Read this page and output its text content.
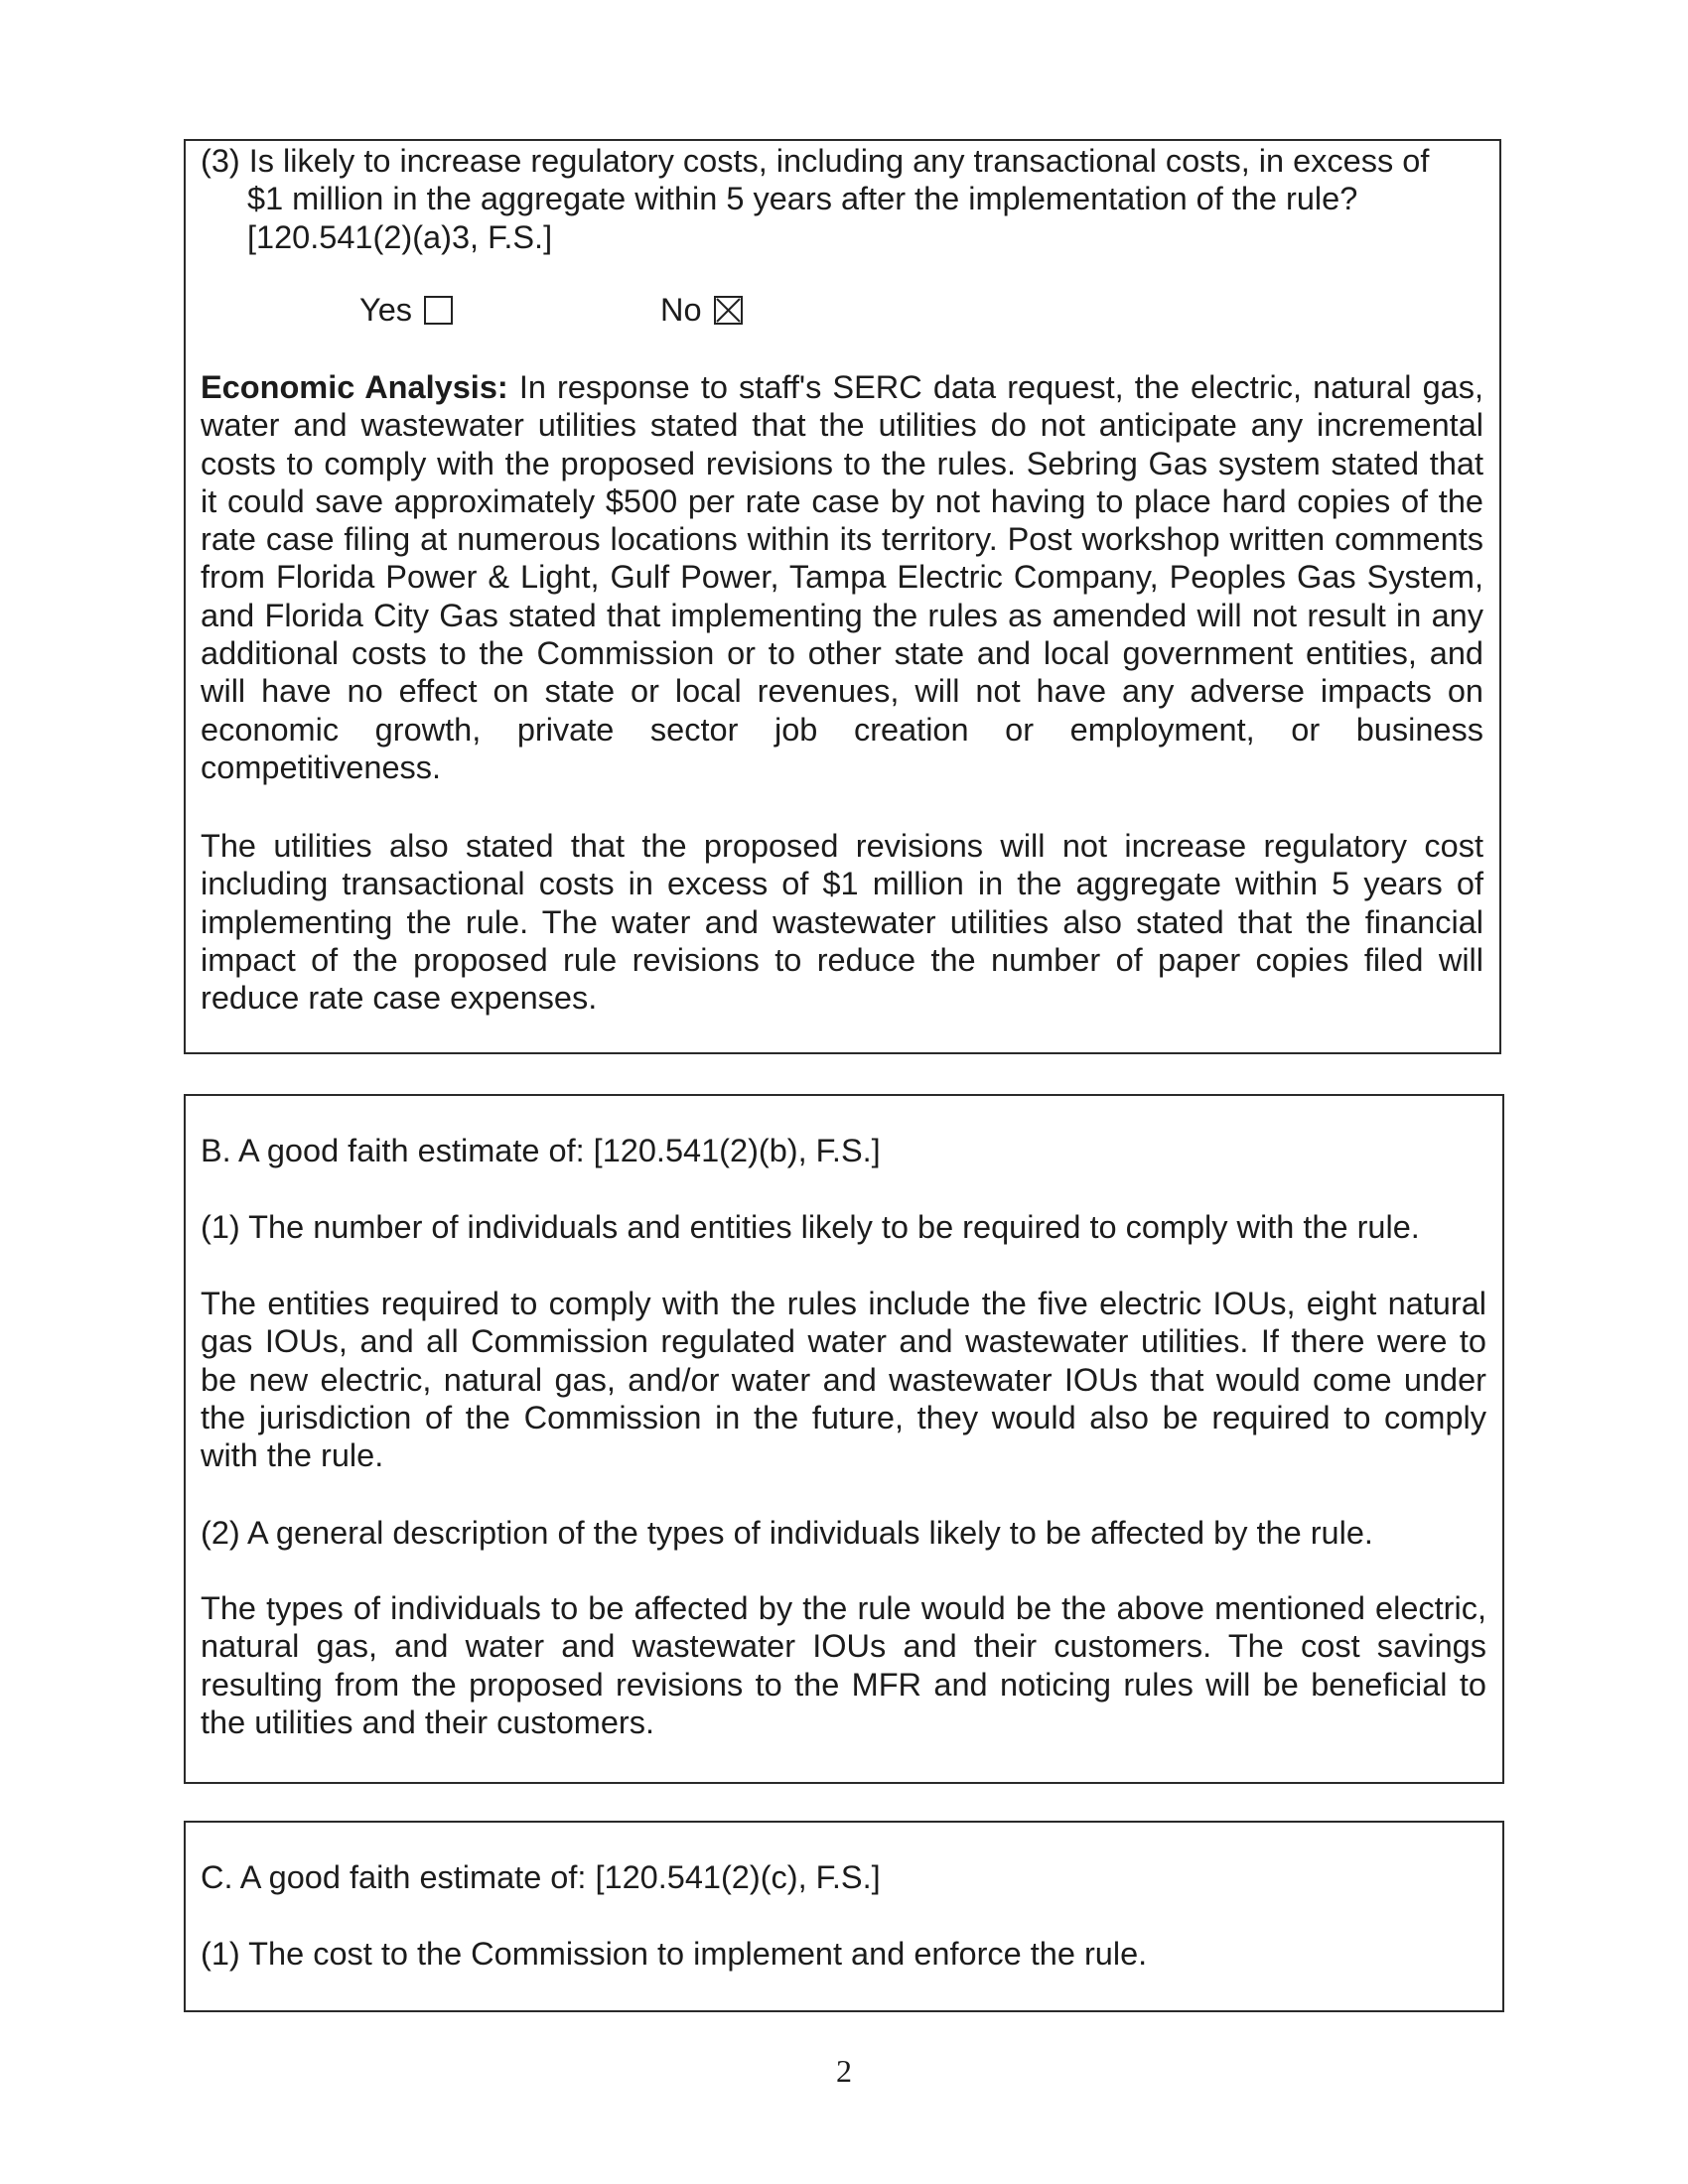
(3) Is likely to increase regulatory costs, including any transactional costs, in excess of

$1 million in the aggregate within 5 years after the implementation of the rule?
[120.541(2)(a)3, F.S.]

Yes	No

Economic Analysis: In response to staff's SERC data request, the electric, natural gas, water and wastewater utilities stated that the utilities do not anticipate any incremental costs to comply with the proposed revisions to the rules. Sebring Gas system stated that it could save approximately $500 per rate case by not having to place hard copies of the rate case filing at numerous locations within its territory. Post workshop written comments from Florida Power & Light, Gulf Power, Tampa Electric Company, Peoples Gas System, and Florida City Gas stated that implementing the rules as amended will not result in any additional costs to the Commission or to other state and local government entities, and will have no effect on state or local revenues, will not have any adverse impacts on economic growth, private sector job creation or employment, or business competitiveness.

The utilities also stated that the proposed revisions will not increase regulatory cost including transactional costs in excess of $1 million in the aggregate within 5 years of implementing the rule. The water and wastewater utilities also stated that the financial impact of the proposed rule revisions to reduce the number of paper copies filed will reduce rate case expenses.

B. A good faith estimate of: [120.541(2)(b), F.S.]

(1) The number of individuals and entities likely to be required to comply with the rule.

The entities required to comply with the rules include the five electric IOUs, eight natural gas IOUs, and all Commission regulated water and wastewater utilities. If there were to be new electric, natural gas, and/or water and wastewater IOUs that would come under the jurisdiction of the Commission in the future, they would also be required to comply with the rule.

(2) A general description of the types of individuals likely to be affected by the rule.

The types of individuals to be affected by the rule would be the above mentioned electric, natural gas, and water and wastewater IOUs and their customers. The cost savings resulting from the proposed revisions to the MFR and noticing rules will be beneficial to the utilities and their customers.

C. A good faith estimate of: [120.541(2)(c), F.S.]

(1) The cost to the Commission to implement and enforce the rule.

2
